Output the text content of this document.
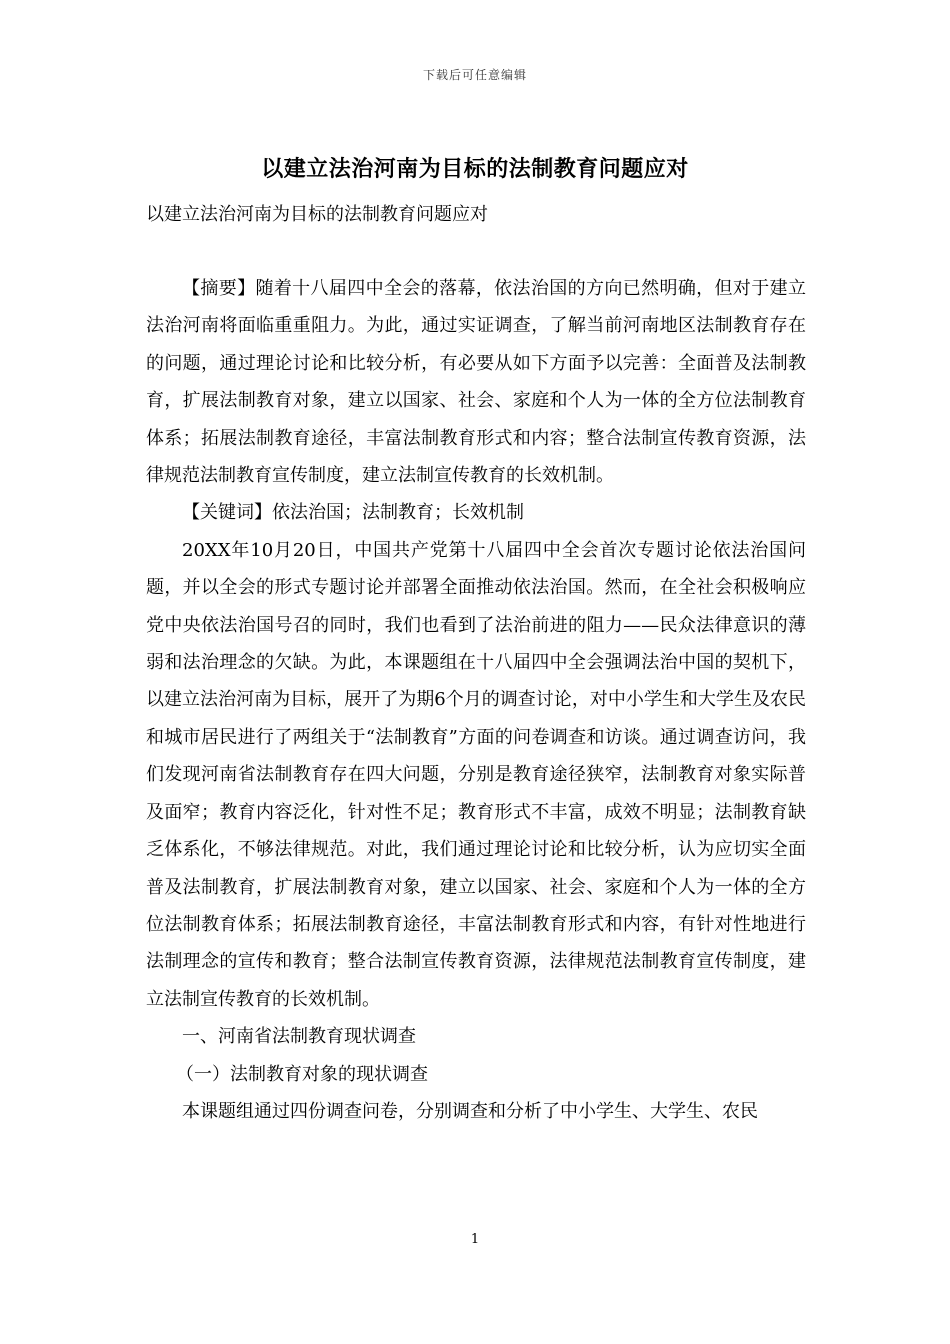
下载后可任意编辑
以建立法治河南为目标的法制教育问题应对
以建立法治河南为目标的法制教育问题应对

【摘要】随着十八届四中全会的落幕，依法治国的方向已然明确，但对于建立法治河南将面临重重阻力。为此，通过实证调查，了解当前河南地区法制教育存在的问题，通过理论讨论和比较分析，有必要从如下方面予以完善：全面普及法制教育，扩展法制教育对象，建立以国家、社会、家庭和个人为一体的全方位法制教育体系；拓展法制教育途径，丰富法制教育形式和内容；整合法制宣传教育资源，法律规范法制教育宣传制度，建立法制宣传教育的长效机制。

【关键词】依法治国；法制教育；长效机制

20XX年10月20日，中国共产党第十八届四中全会首次专题讨论依法治国问题，并以全会的形式专题讨论并部署全面推动依法治国。然而，在全社会积极响应党中央依法治国号召的同时，我们也看到了法治前进的阻力——民众法律意识的薄弱和法治理念的欠缺。为此，本课题组在十八届四中全会强调法治中国的契机下，以建立法治河南为目标，展开了为期6个月的调查讨论，对中小学生和大学生及农民和城市居民进行了两组关于“法制教育”方面的问卷调查和访谈。通过调查访问，我们发现河南省法制教育存在四大问题，分别是教育途径狭窄，法制教育对象实际普及面窄；教育内容泛化，针对性不足；教育形式不丰富，成效不明显；法制教育缺乏体系化，不够法律规范。对此，我们通过理论讨论和比较分析，认为应切实全面普及法制教育，扩展法制教育对象，建立以国家、社会、家庭和个人为一体的全方位法制教育体系；拓展法制教育途径，丰富法制教育形式和内容，有针对性地进行法制理念的宣传和教育；整合法制宣传教育资源，法律规范法制教育宣传制度，建立法制宣传教育的长效机制。

一、河南省法制教育现状调查

（一）法制教育对象的现状调查

本课题组通过四份调查问卷，分别调查和分析了中小学生、大学生、农民

1
